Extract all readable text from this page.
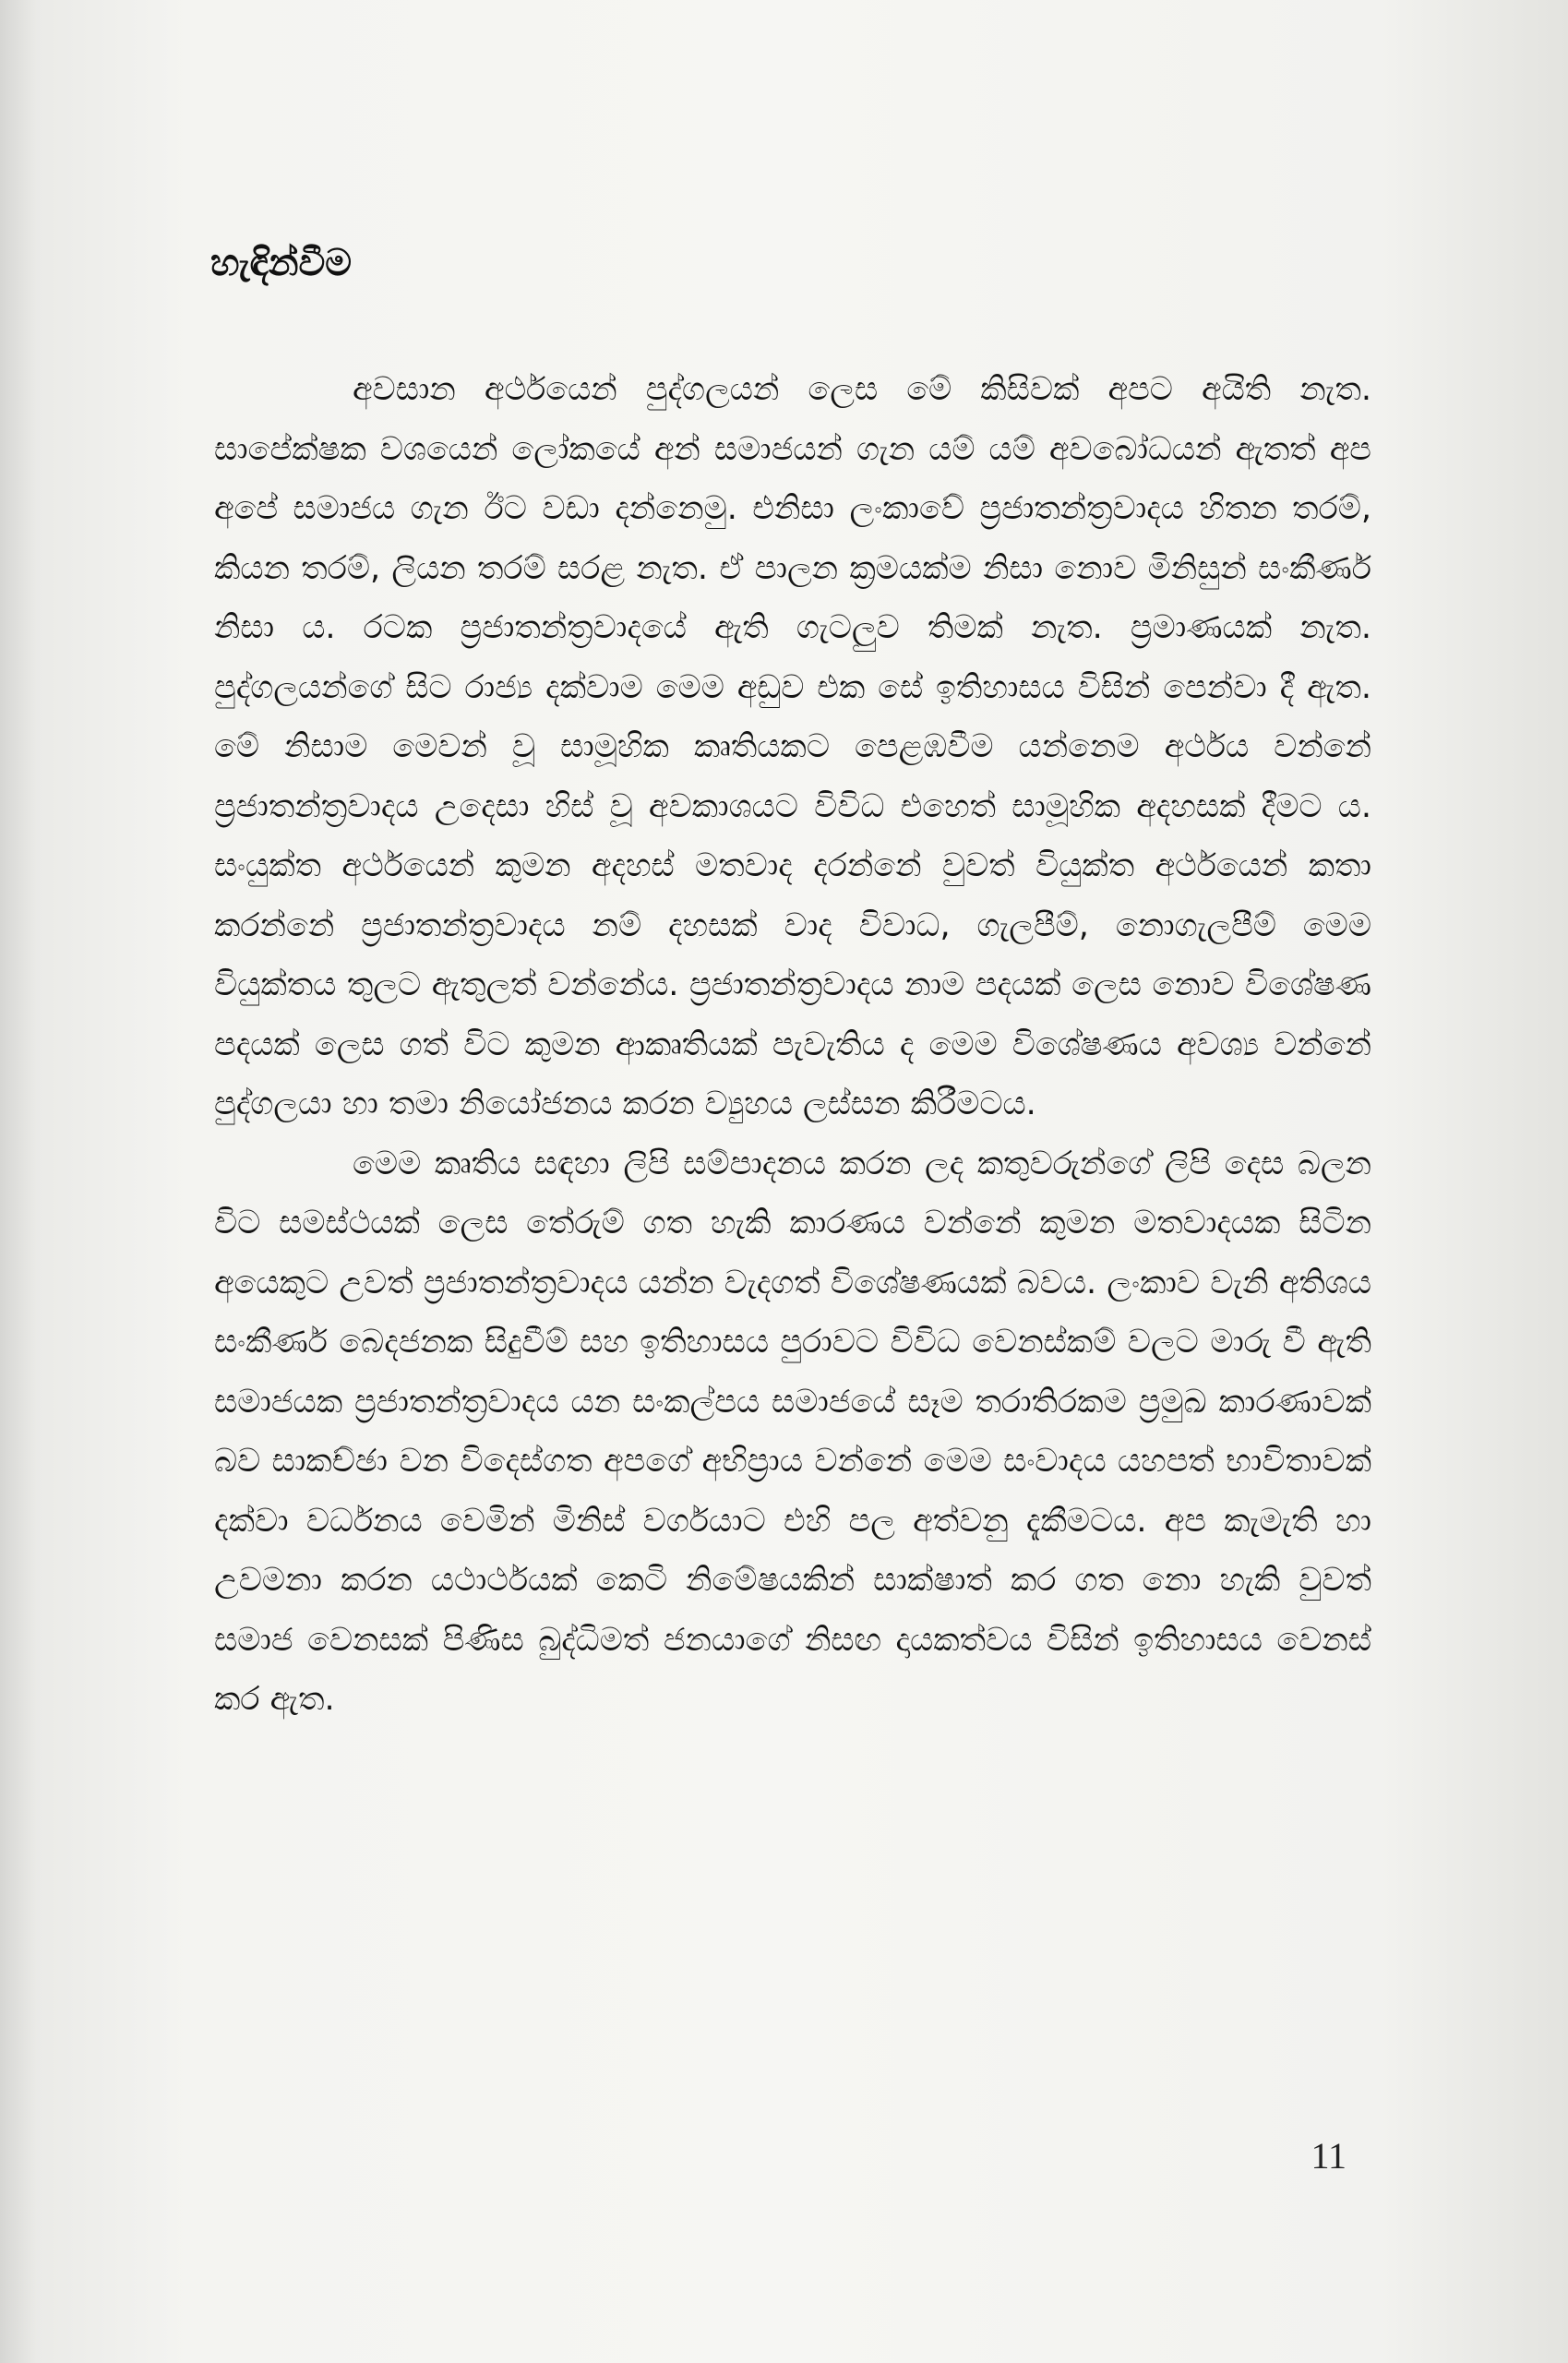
හැඳින්වීම

අවසාන අර්ථයෙන් පුද්ගලයන් ලෙස මේ කිසිවක් අපට අයිති නැත. සාපේක්ෂක වශයෙන් ලෝකයේ අන් සමාජයන් ගැන යම් යම් අවබෝධයන් ඇතත් අප අපේ සමාජය ගැන ඊට වඩා දන්නෙමු. එනිසා ලංකාවේ ප්‍රජාතන්ත්‍රවාදය හිතන තරම්, කියන තරම්, ලියන තරම් සරළ නැත. ඒ පාලන ක්‍රමයක්ම නිසා නොව මිනිසුන් සංකීර්ණ නිසා ය. රටක ප්‍රජාතන්ත්‍රවාදයේ ඇති ගැටලුව තිමක් නැත. ප්‍රමාණයක් නැත. පුද්ගලයන්ගේ සිට රාජ්‍ය දක්වාම මෙම අඩුව එක සේ ඉතිහාසය විසින් පෙන්වා දී ඇත. මේ නිසාම මෙවන් වූ සාමූහික කෘතියකට පෙළඹවීම යන්නෙම අර්ථය වන්නේ ප්‍රජාතන්ත්‍රවාදය උදෙසා හිස් වූ අවකාශයට විවිධ එහෙත් සාමූහික අදහසක් දීමට ය. සංයුක්ත අර්ථයෙන් කුමන අදහස් මතවාද දරන්නේ වුවත් වියුක්ත අර්ථයෙන් කතා කරන්නේ ප්‍රජාතන්ත්‍රවාදය නම් දහසක් වාද විවාධ, ගැලපීම්, නොගැලපීම් මෙම වියුක්තය තුලට ඇතුලත් වන්නේය. ප්‍රජාතන්ත්‍රවාදය නාම පදයක් ලෙස නොව විශේෂණ පදයක් ලෙස ගත් විට කුමන ආකෘතියක් පැවැතිය ද මෙම විශේෂණය අවශ්‍ය වන්නේ පුද්ගලයා හා තමා නියෝජනය කරන ව්‍යුහය ලස්සන කිරීමටය.

මෙම කෘතිය සඳහා ලිපි සම්පාදනය කරන ලද කතුවරුන්ගේ ලිපි දෙස බලන විට සමස්ථයක් ලෙස තේරුම් ගත හැකි කාරණය වන්නේ කුමන මතවාදයක සිටින අයෙකුට උවත් ප්‍රජාතන්ත්‍රවාදය යන්න වැදගත් විශේෂණයක් බවය. ලංකාව වැනි අතිශය සංකීර්ණ බෙදජනක සිදුවීම් සහ ඉතිහාසය පුරාවට විවිධ වෙනස්කම් වලට මාරු වී ඇති සමාජයක ප්‍රජාතන්ත්‍රවාදය යන සංකල්පය සමාජයේ සෑම තරාතිරකම ප්‍රමුඛ කාරණාවක් බව සාකච්ඡා වන විදෙස්ගත අපගේ අභිප්‍රාය වන්නේ මෙම සංවාදය යහපත් භාවිතාවක් දක්වා වර්ධනය වෙමින් මිනිස් වර්ගයාට එහි පල අත්වනු දැකීමටය. අප කැමැති හා උවමනා කරන යථාර්ථයක් කෙටි නිමේෂයකින් සාක්ෂාත් කර ගත නො හැකි වුවත් සමාජ වෙනසක් පිණිස බුද්ධිමත් ජනයාගේ නිසඟ දායකත්වය විසින් ඉතිහාසය වෙනස් කර ඇත.

11
